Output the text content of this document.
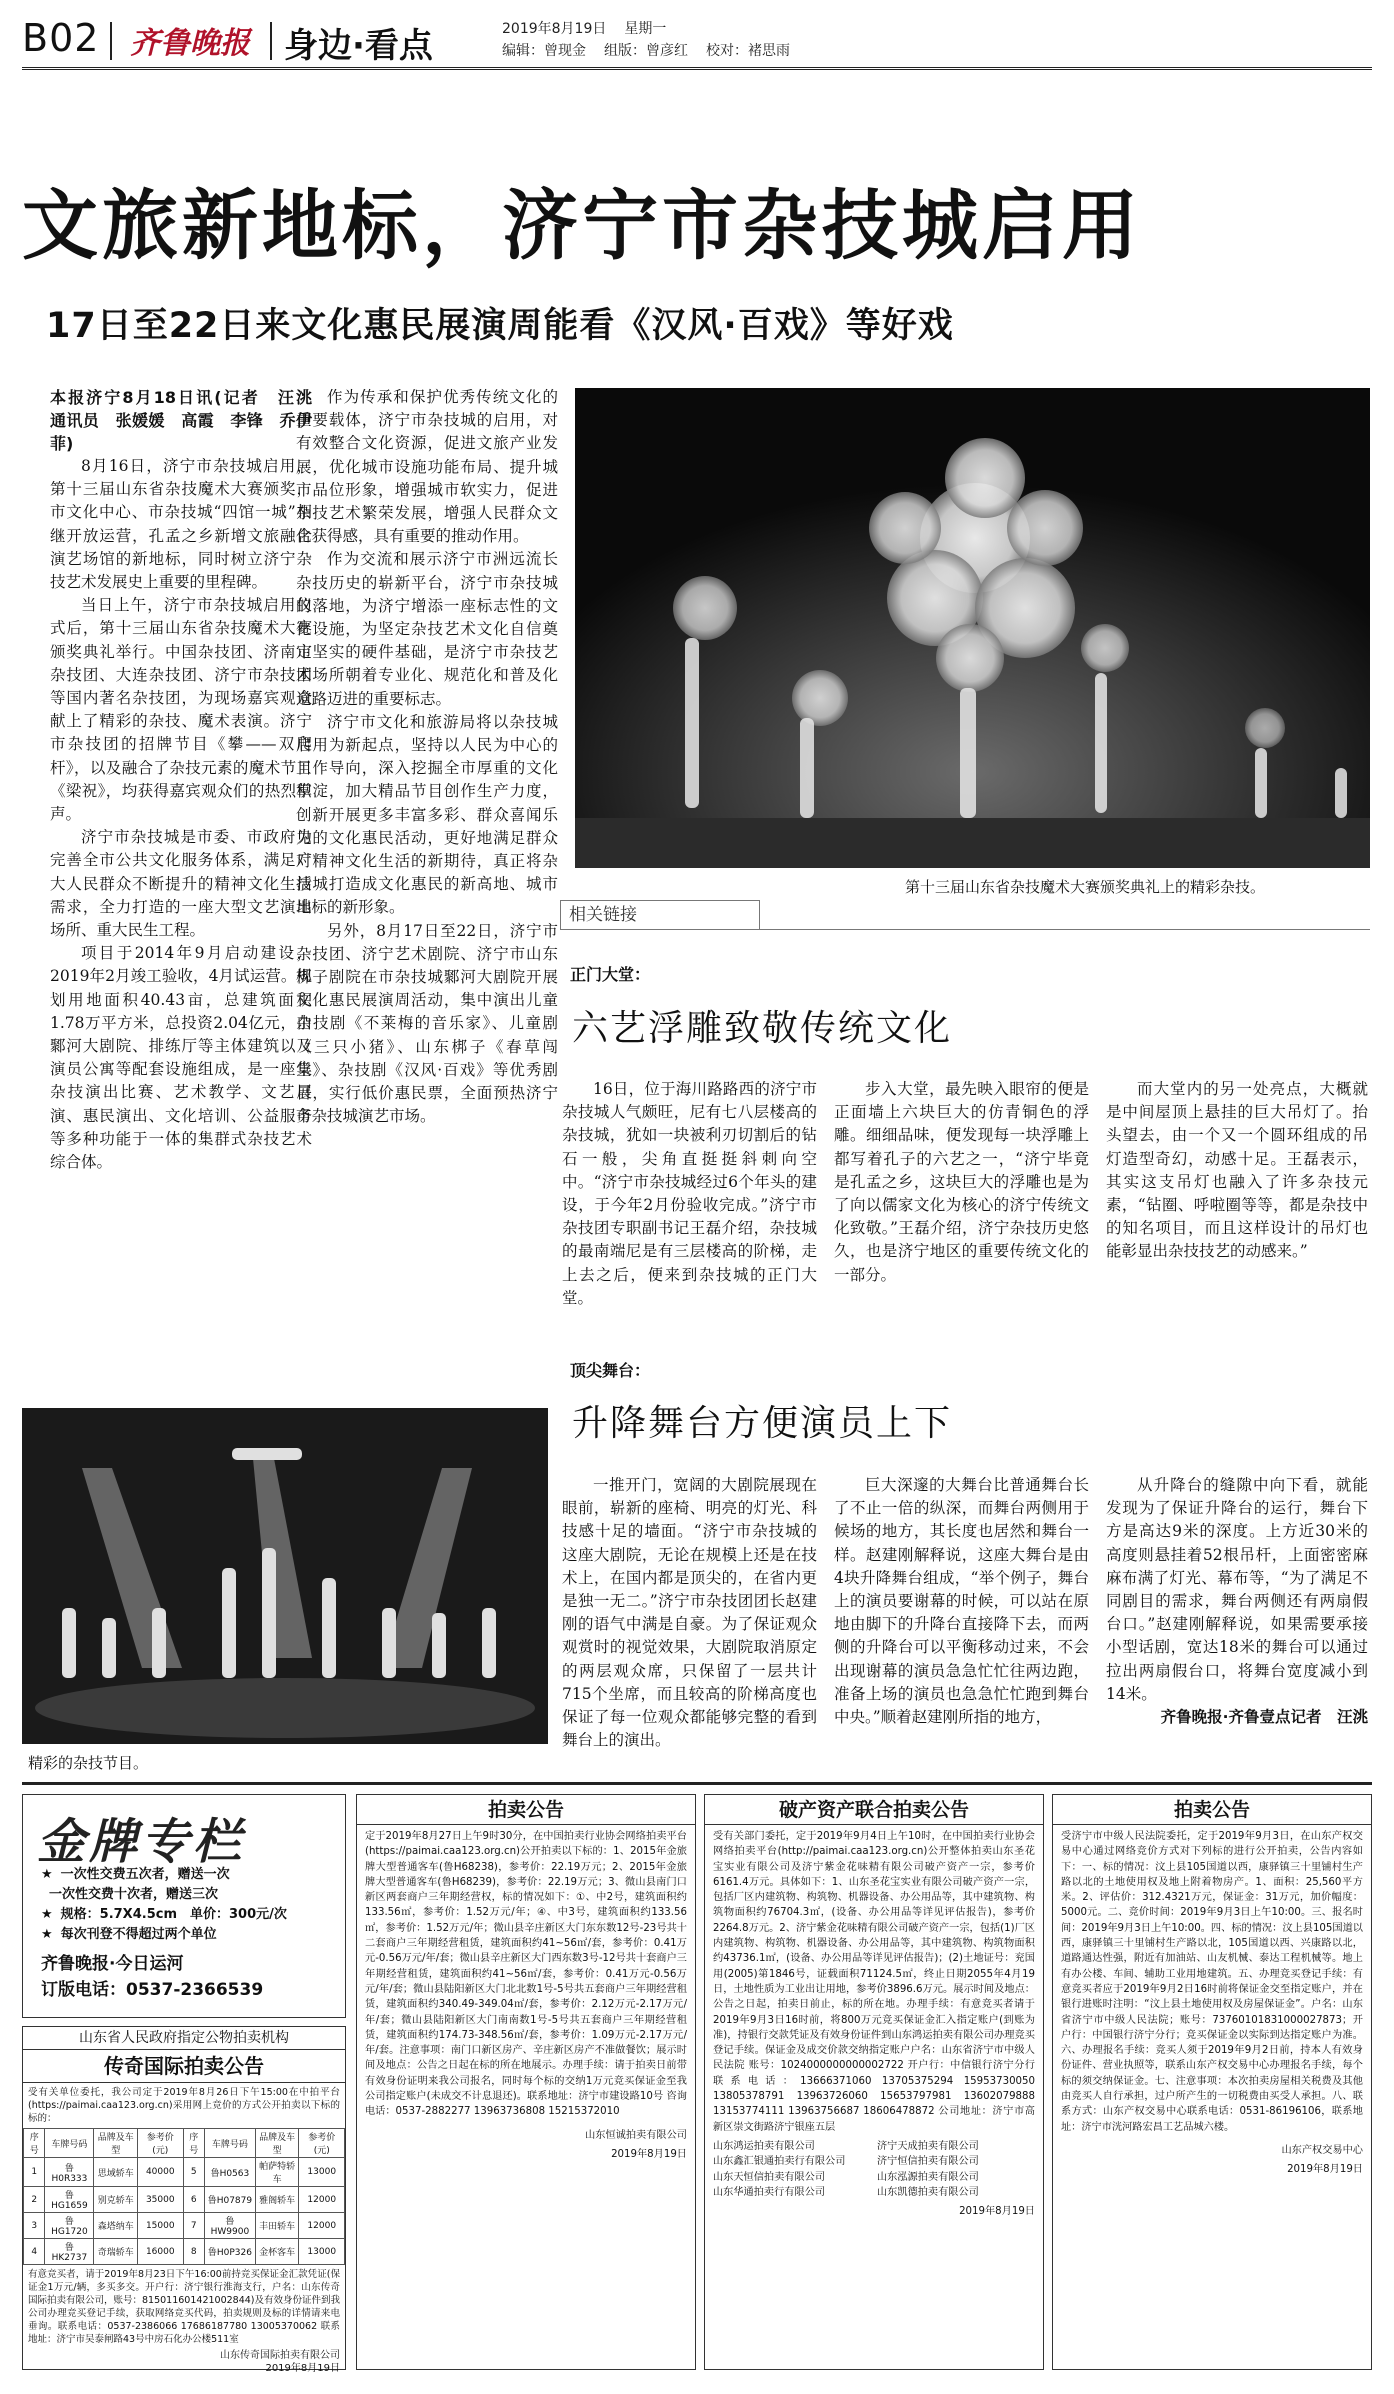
B02 齐鲁晚报 身边·看点	2019年8月19日 星期一
编辑：曾现金 组版：曾彦红 校对：褚思雨
文旅新地标，济宁市杂技城启用
17日至22日来文化惠民展演周能看《汉风·百戏》等好戏
本报济宁8月18日讯(记者　汪洮　通讯员　张媛媛　高霞　李锋　乔伊菲)

8月16日，济宁市杂技城启用，第十三届山东省杂技魔术大赛颁奖，市文化中心、市杂技城“四馆一城”相继开放运营，孔孟之乡新增文旅融合演艺场馆的新地标，同时树立济宁杂技艺术发展史上重要的里程碑。

当日上午，济宁市杂技城启用仪式后，第十三届山东省杂技魔术大赛颁奖典礼举行。中国杂技团、济南市杂技团、大连杂技团、济宁市杂技团等国内著名杂技团，为现场嘉宾观众献上了精彩的杂技、魔术表演。济宁市杂技团的招牌节目《攀——双爬杆》，以及融合了杂技元素的魔术节目《梁祝》，均获得嘉宾观众们的热烈掌声。

济宁市杂技城是市委、市政府为完善全市公共文化服务体系，满足广大人民群众不断提升的精神文化生活需求，全力打造的一座大型文艺演出场所、重大民生工程。

项目于2014年9月启动建设，2019年2月竣工验收，4月试运营。规划用地面积40.43亩，总建筑面积1.78万平方米，总投资2.04亿元，由鄹河大剧院、排练厅等主体建筑以及演员公寓等配套设施组成，是一座集杂技演出比赛、艺术教学、文艺展演、惠民演出、文化培训、公益服务等多种功能于一体的集群式杂技艺术综合体。

作为传承和保护优秀传统文化的重要载体，济宁市杂技城的启用，对有效整合文化资源，促进文旅产业发展，优化城市设施功能布局、提升城市品位形象，增强城市软实力，促进杂技艺术繁荣发展，增强人民群众文化获得感，具有重要的推动作用。

作为交流和展示济宁市洲远流长杂技历史的崭新平台，济宁市杂技城的落地，为济宁增添一座标志性的文化设施，为坚定杂技艺术文化自信奠定坚实的硬件基础，是济宁市杂技艺术场所朝着专业化、规范化和普及化道路迈进的重要标志。

济宁市文化和旅游局将以杂技城启用为新起点，坚持以人民为中心的工作导向，深入挖掘全市厚重的文化积淀，加大精品节目创作生产力度，创新开展更多丰富多彩、群众喜闻乐见的文化惠民活动，更好地满足群众对精神文化生活的新期待，真正将杂技城打造成文化惠民的新高地、城市地标的新形象。

另外，8月17日至22日，济宁市杂技团、济宁艺术剧院、济宁市山东梆子剧院在市杂技城鄹河大剧院开展文化惠民展演周活动，集中演出儿童杂技剧《不莱梅的音乐家》、儿童剧《三只小猪》、山东梆子《春草闯堂》、杂技剧《汉风·百戏》等优秀剧目，实行低价惠民票，全面预热济宁市杂技城演艺市场。

第十三届山东省杂技魔术大赛颁奖典礼上的精彩杂技。
相关链接
正门大堂：
六艺浮雕致敬传统文化

16日，位于海川路路西的济宁市杂技城人气颇旺，尼有七八层楼高的杂技城，犹如一块被利刃切割后的钻石一般，尖角直挺挺斜刺向空中。“济宁市杂技城经过6个年头的建设，于今年2月份验收完成。”济宁市杂技团专职副书记王磊介绍，杂技城的最南端尼是有三层楼高的阶梯，走上去之后，便来到杂技城的正门大堂。

步入大堂，最先映入眼帘的便是正面墙上六块巨大的仿青铜色的浮雕。细细品味，便发现每一块浮雕上都写着孔子的六艺之一，“济宁毕竟是孔孟之乡，这块巨大的浮雕也是为了向以儒家文化为核心的济宁传统文化致敬。”王磊介绍，济宁杂技历史悠久，也是济宁地区的重要传统文化的一部分。

而大堂内的另一处亮点，大概就是中间屋顶上悬挂的巨大吊灯了。抬头望去，由一个又一个圆环组成的吊灯造型奇幻，动感十足。王磊表示，其实这支吊灯也融入了许多杂技元素，“钻圈、呼啦圈等等，都是杂技中的知名项目，而且这样设计的吊灯也能彰显出杂技技艺的动感来。”

顶尖舞台：
升降舞台方便演员上下

一推开门，宽阔的大剧院展现在眼前，崭新的座椅、明亮的灯光、科技感十足的墙面。“济宁市杂技城的这座大剧院，无论在规模上还是在技术上，在国内都是顶尖的，在省内更是独一无二。”济宁市杂技团团长赵建刚的语气中满是自豪。为了保证观众观赏时的视觉效果，大剧院取消原定的两层观众席，只保留了一层共计715个坐席，而且较高的阶梯高度也保证了每一位观众都能够完整的看到舞台上的演出。

巨大深邃的大舞台比普通舞台长了不止一倍的纵深，而舞台两侧用于候场的地方，其长度也居然和舞台一样。赵建刚解释说，这座大舞台是由4块升降舞台组成，“举个例子，舞台上的演员要谢幕的时候，可以站在原地由脚下的升降台直接降下去，而两侧的升降台可以平衡移动过来，不会出现谢幕的演员急急忙忙往两边跑，准备上场的演员也急急忙忙跑到舞台中央。”顺着赵建刚所指的地方，

从升降台的缝隙中向下看，就能发现为了保证升降台的运行，舞台下方是高达9米的深度。上方近30米的高度则悬挂着52根吊杆，上面密密麻麻布满了灯光、幕布等，“为了满足不同剧目的需求，舞台两侧还有两扇假台口。”赵建刚解释说，如果需要承接小型话剧，宽达18米的舞台可以通过拉出两扇假台口，将舞台宽度减小到14米。

齐鲁晚报·齐鲁壹点记者　汪洮
精彩的杂技节目。
金牌专栏
★ 一次性交费五次者，赠送一次
一次性交费十次者，赠送三次
★ 规格：5.7X4.5cm　单价：300元/次
★ 每次刊登不得超过两个单位
齐鲁晚报·今日运河
订版电话：0537-2366539
山东省人民政府指定公物拍卖机构
传奇国际拍卖公告
受有关单位委托，我公司定于2019年8月26日下午15:00在中拍平台(https://paimai.caa123.org.cn)采用网上竞价的方式公开拍卖以下标的标的：
序号	车牌号码	品牌及车型	参考价(元)	序号	车牌号码	品牌及车型	参考价(元)
1	鲁H0R333	思域轿车	40000	5	鲁H0563	帕萨特轿车	13000
2	鲁HG1659	别克轿车	35000	6	鲁H07879	雅阁轿车	12000
3	鲁HG1720	森塔纳车	15000	7	鲁HW9900	丰田轿车	12000
4	鲁HK2737	奇瑞轿车	16000	8	鲁H0P326	金杯客车	13000
有意竞买者，请于2019年8月23日下午16:00前持竞买保证金汇款凭证(保证金1万元/辆，多买多交。开户行：济宁银行淮海支行，户名：山东传奇国际拍卖有限公司，账号：815011601421002844)及有效身份证件到我公司办理竞买登记手续，获取网络竞买代码，拍卖规则及标的详情请来电垂询。联系电话：0537-2386066 17686187780 13005370062 联系地址：济宁市吴泰闸路43号中房石化办公楼511室
山东传奇国际拍卖有限公司
2019年8月19日
拍卖公告
定于2019年8月27日上午9时30分，在中国拍卖行业协会网络拍卖平台(https://paimai.caa123.org.cn)公开拍卖以下标的：1、2015年金旅牌大型普通客车(鲁H68238)，参考价：22.19万元；2、2015年金旅牌大型普通客车(鲁H68239)，参考价：22.19万元；3、微山县南门口新区两套商户三年期经营权，标的情况如下：①、中2号，建筑面积约133.56㎡，参考价：1.52万元/年；④、中3号，建筑面积约133.56㎡，参考价：1.52万元/年；微山县辛庄新区大门东东数12号-23号共十二套商户三年期经营租赁，建筑面积约41~56㎡/套，参考价：0.41万元-0.56万元/年/套；微山县辛庄新区大门西东数3号-12号共十套商户三年期经营租赁，建筑面积约41~56㎡/套，参考价：0.41万元-0.56万元/年/套；微山县陆阳新区大门北北数1号-5号共五套商户三年期经营租赁，建筑面积约340.49-349.04㎡/套，参考价：2.12万元-2.17万元/年/套；微山县陆阳新区大门南南数1号-5号共五套商户三年期经营租赁，建筑面积约174.73-348.56㎡/套，参考价：1.09万元-2.17万元/年/套。注意事项：南门口新区房产、辛庄新区房产不准做餐饮；展示时间及地点：公告之日起在标的所在地展示。办理手续：请于拍卖日前带有效身份证明来我公司报名，同时每个标的交纳1万元竞买保证金至我公司指定账户(未成交不计息退还)。联系地址：济宁市建设路10号 咨询电话：0537-2882277 13963736808 15215372010
山东恒诚拍卖有限公司
2019年8月19日
破产资产联合拍卖公告
受有关部门委托，定于2019年9月4日上午10时，在中国拍卖行业协会网络拍卖平台(http://paimai.caa123.org.cn)公开整体拍卖山东圣花宝实业有限公司及济宁紫金花味精有限公司破产资产一宗，参考价6161.4万元。具体如下：1、山东圣花宝实业有限公司破产资产一宗，包括厂区内建筑物、构筑物、机器设备、办公用品等，其中建筑物、构筑物面积约76704.3㎡，(设备、办公用品等详见评估报告)，参考价2264.8万元。2、济宁紫金花味精有限公司破产资产一宗，包括(1)厂区内建筑物、构筑物、机器设备、办公用品等，其中建筑物、构筑物面积约43736.1㎡，(设备、办公用品等详见评估报告)；(2)土地证号：兖国用(2005)第1846号，证载面积71124.5㎡，终止日期2055年4月19日，土地性质为工业出让用地，参考价3896.6万元。展示时间及地点：公告之日起，拍卖日前止，标的所在地。办理手续：有意竞买者请于2019年9月3日16时前，将800万元竞买保证金汇入指定账户(到账为准)，持银行交款凭证及有效身份证件到山东鸿运拍卖有限公司办理竞买登记手续。保证金及成交价款交纳指定账户户名：山东省济宁市中级人民法院 账号：1024000000000002722 开户行：中信银行济宁分行 联系电话：13666371060 13705375294 15953730050 13805378791 13963726060 15653797981 13602079888 13153774111 13963756687 18606478872 公司地址：济宁市高新区崇文街路济宁银座五层
山东鸿运拍卖有限公司	济宁天成拍卖有限公司
山东鑫汇银通拍卖行有限公司	济宁恒信拍卖有限公司
山东天恒信拍卖有限公司	山东泓源拍卖有限公司
山东华通拍卖行有限公司	山东凯德拍卖有限公司
2019年8月19日
拍卖公告
受济宁市中级人民法院委托，定于2019年9月3日，在山东产权交易中心通过网络竞价方式对下列标的进行公开拍卖，公告内容如下：一、标的情况：汶上县105国道以西，康驿镇三十里铺村生产路以北的土地使用权及地上附着物房产。1、面积：25,560平方米。2、评估价：312.4321万元，保证金：31万元，加价幅度：5000元。二、竞价时间：2019年9月3日上午10:00。三、报名时间：2019年9月3日上午10:00。四、标的情况：汶上县105国道以西，康驿镇三十里铺村生产路以北，105国道以西、兴康路以北，道路通达性强，附近有加油站、山友机械、泰达工程机械等。地上有办公楼、车间、辅助工业用地建筑。五、办理竞买登记手续：有意竞买者应于2019年9月2日16时前将保证金交至指定账户，并在银行进账时注明：“汶上县土地使用权及房屋保证金”。户名：山东省济宁市中级人民法院；账号：73760101831000027873；开户行：中国银行济宁分行；竞买保证金以实际到达指定账户为准。六、办理报名手续：竞买人须于2019年9月2日前，持本人有效身份证件、营业执照等，联系山东产权交易中心办理报名手续，每个标的须交纳保证金。七、注意事项：本次拍卖房屋相关税费及其他由竞买人自行承担，过户所产生的一切税费由买受人承担。八、联系方式：山东产权交易中心联系电话：0531-86196106，联系地址：济宁市洸河路宏昌工艺品城六楼。
山东产权交易中心
2019年8月19日
